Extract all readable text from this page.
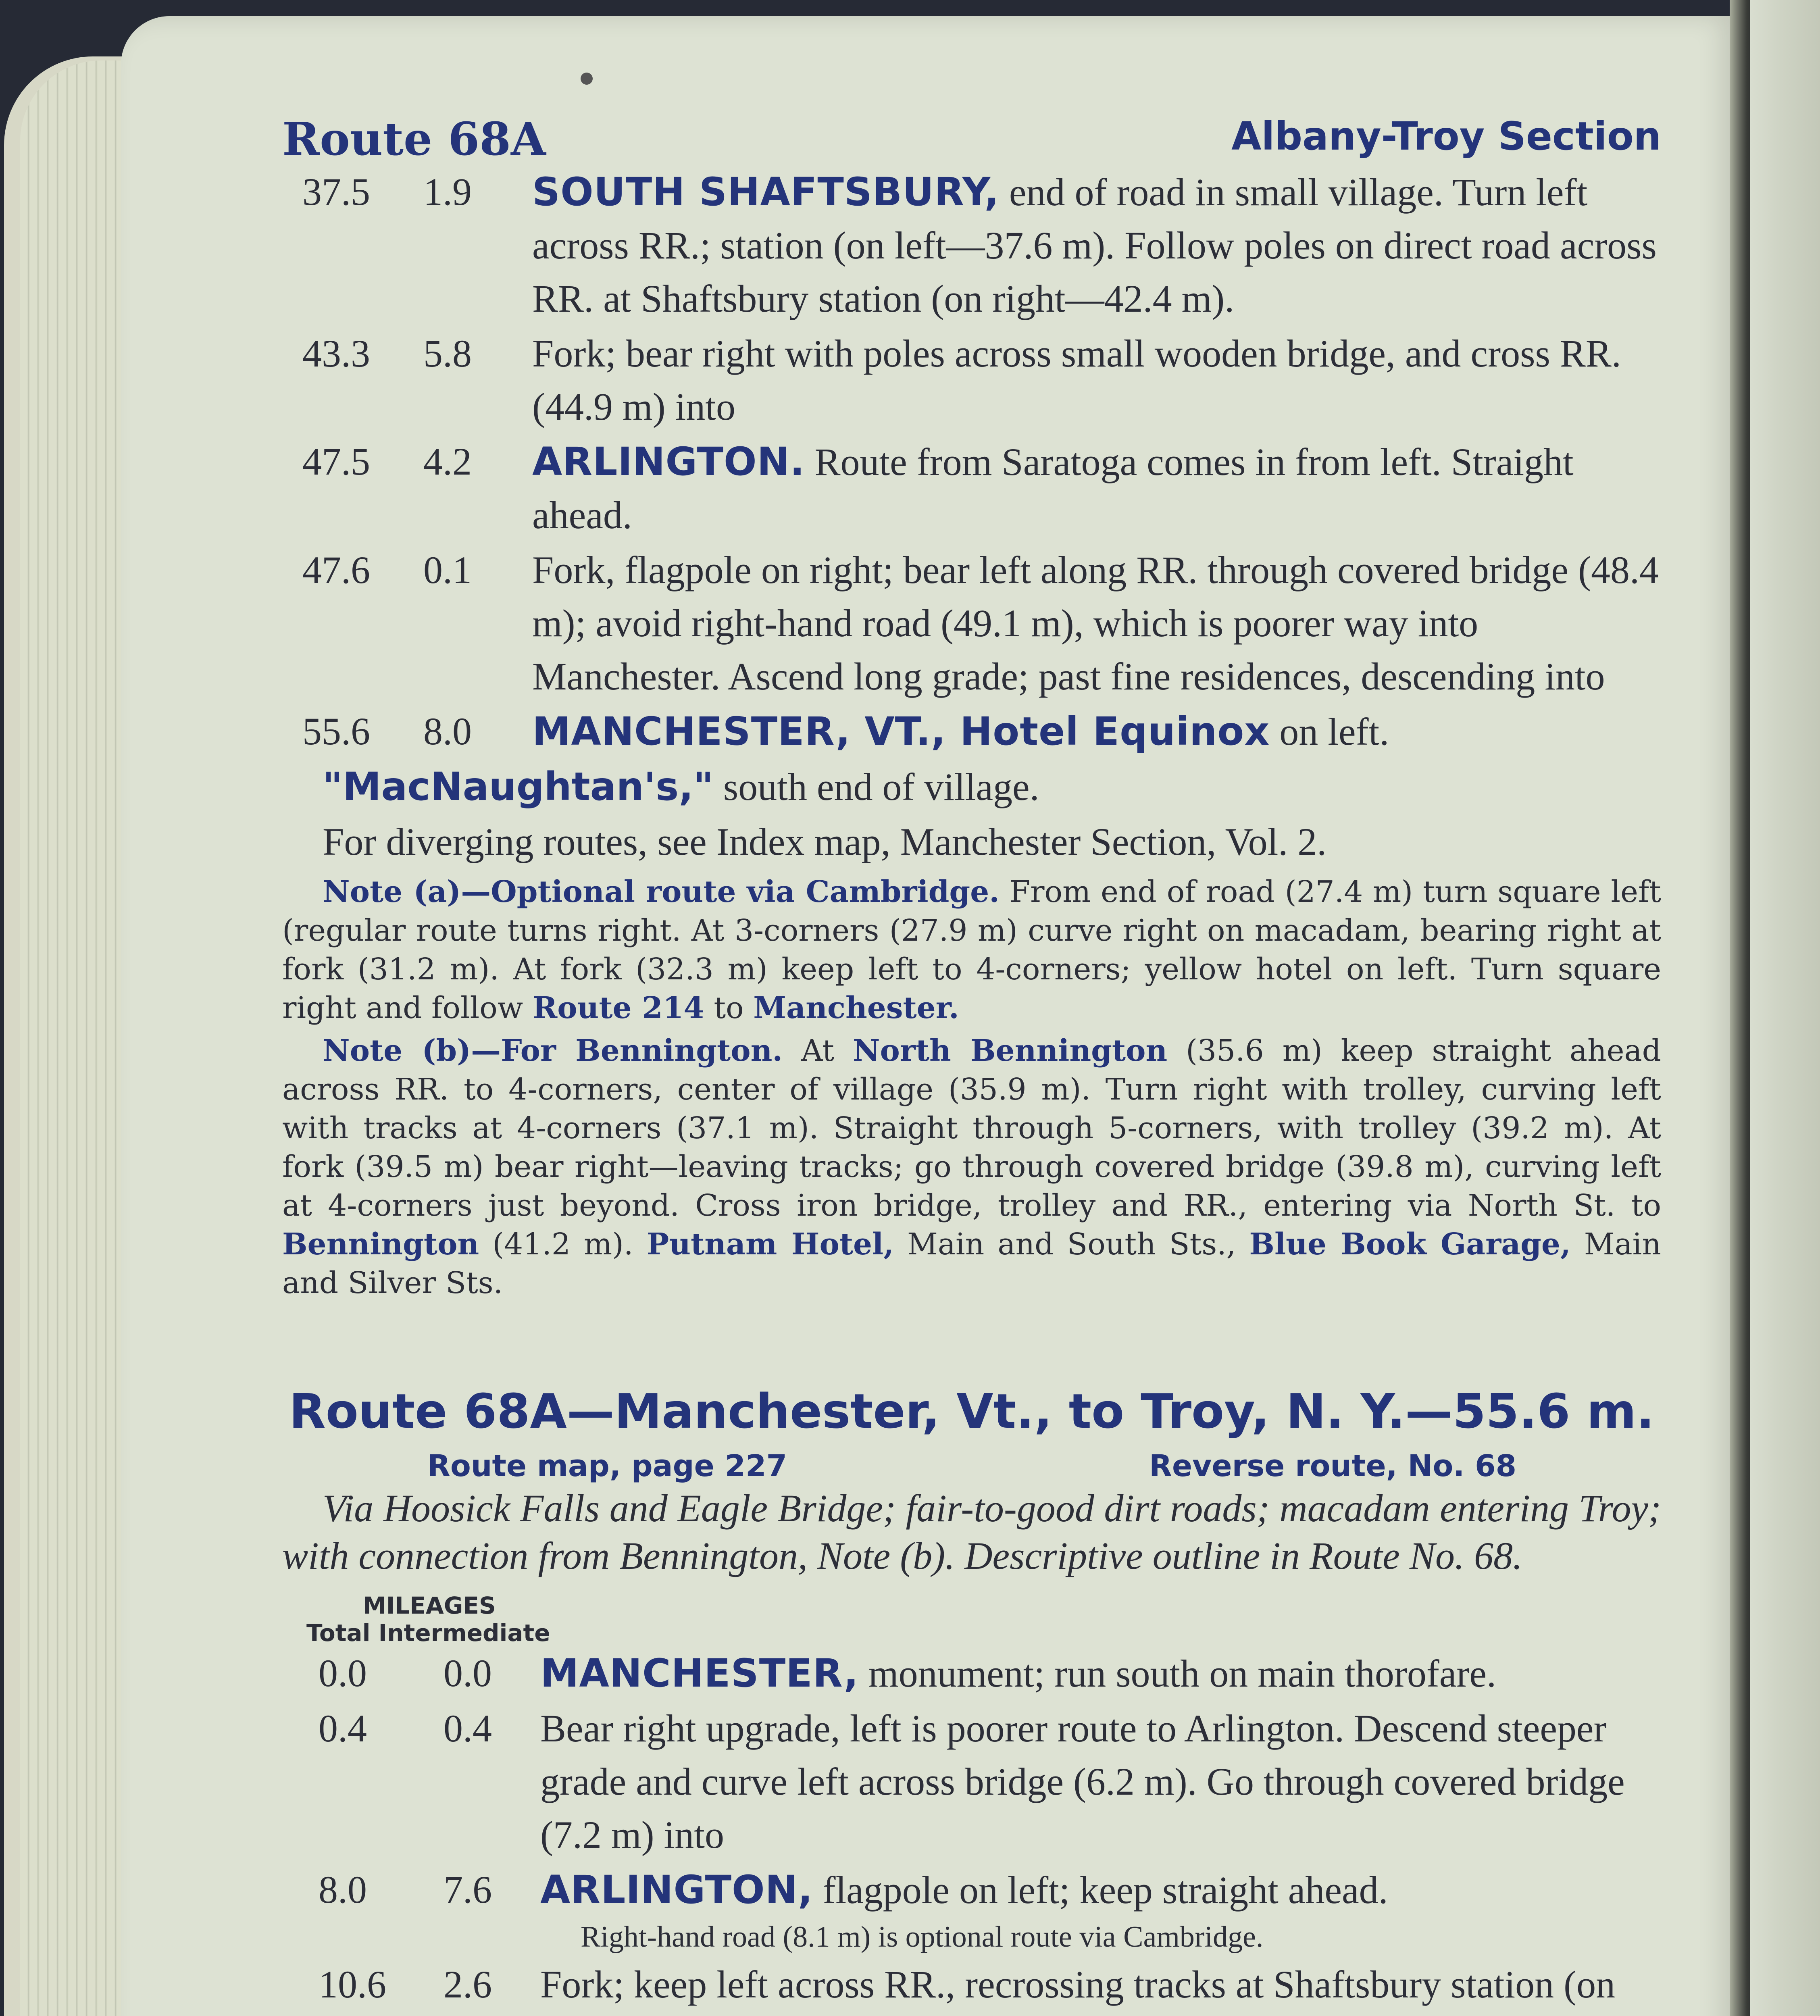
Route 68A	Albany-Troy Section
37.5	1.9	SOUTH SHAFTSBURY, end of road in small village. Turn left across RR.; station (on left—37.6 m). Follow poles on direct road across RR. at Shaftsbury station (on right—42.4 m).
43.3	5.8	Fork; bear right with poles across small wooden bridge, and cross RR. (44.9 m) into
47.5	4.2	ARLINGTON. Route from Saratoga comes in from left. Straight ahead.
47.6	0.1	Fork, flagpole on right; bear left along RR. through covered bridge (48.4 m); avoid right-hand road (49.1 m), which is poorer way into Manchester. Ascend long grade; past fine residences, descending into
55.6	8.0	MANCHESTER, VT., Hotel Equinox on left.
"MacNaughtan's," south end of village.
For diverging routes, see Index map, Manchester Section, Vol. 2.
Note (a)—Optional route via Cambridge. From end of road (27.4 m) turn square left (regular route turns right. At 3-corners (27.9 m) curve right on macadam, bearing right at fork (31.2 m). At fork (32.3 m) keep left to 4-corners; yellow hotel on left. Turn square right and follow Route 214 to Manchester.
Note (b)—For Bennington. At North Bennington (35.6 m) keep straight ahead across RR. to 4-corners, center of village (35.9 m). Turn right with trolley, curving left with tracks at 4-corners (37.1 m). Straight through 5-corners, with trolley (39.2 m). At fork (39.5 m) bear right—leaving tracks; go through covered bridge (39.8 m), curving left at 4-corners just beyond. Cross iron bridge, trolley and RR., entering via North St. to Bennington (41.2 m). Putnam Hotel, Main and South Sts., Blue Book Garage, Main and Silver Sts.
Route 68A—Manchester, Vt., to Troy, N. Y.—55.6 m.
Route map, page 227	Reverse route, No. 68
Via Hoosick Falls and Eagle Bridge; fair-to-good dirt roads; macadam entering Troy; with connection from Bennington, Note (b). Descriptive outline in Route No. 68.
MILEAGES
Total Intermediate
0.0	0.0	MANCHESTER, monument; run south on main thorofare.
0.4	0.4	Bear right upgrade, left is poorer route to Arlington. Descend steeper grade and curve left across bridge (6.2 m). Go through covered bridge (7.2 m) into
8.0	7.6	ARLINGTON, flagpole on left; keep straight ahead.
Right-hand road (8.1 m) is optional route via Cambridge.
10.6	2.6	Fork; keep left across RR., recrossing tracks at Shaftsbury station (on
